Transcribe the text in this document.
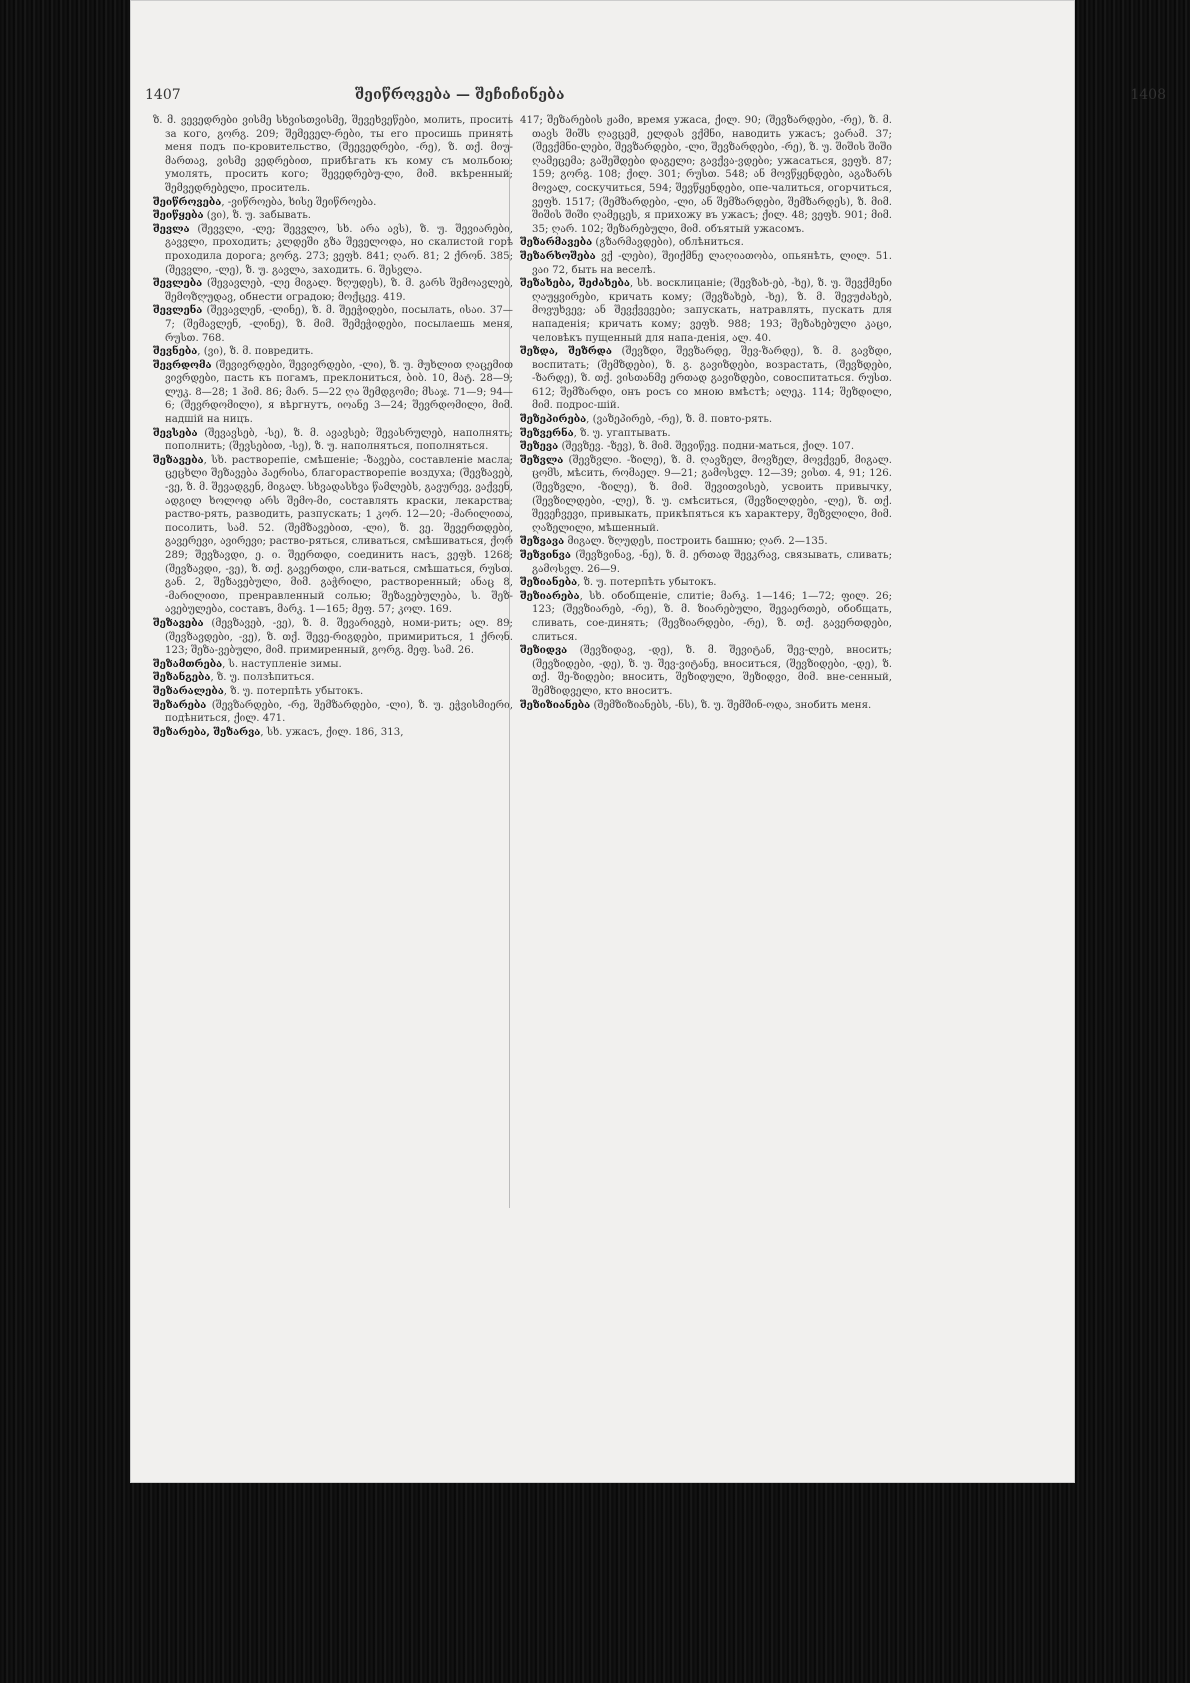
1407	შეიწროვება — შეჩიჩინება	1408
ზ. მ. ვევედრები ვისმე სხვისთვისმე, შევეხვეწები, молить, просить за кого, გორგ. 209; შემეველ-რები, ты его просишь принять меня подъ по-кровительство, (შეევედრები, -რე), ზ. თქ. მიუ-მართავ, ვისმე ვედრებით, прибѣгать къ кому съ мольбою; умолять, просить кого; შევედრებუ-ლი, მიმ. вкѣренный; შემვედრებელი, проситель.
შეიწროვება, -ვიწროება, ხისე შეიწროება.
შეიწყება (ვი), ზ. უ. забывать.
შევლა (შევვლი, -ლე; შევვლო, სხ. არა ავს), ზ. უ. შევიარები, გავვლი, проходить; კლდეში გზა შეველოდა, но скалистой горѣ проходила дорога; გორგ. 273; ვეფხ. 841; ღარ. 81; 2 ქრონ. 385; (შევვლი, -ლე), ზ. უ. გავლა, заходить. 6. შესვლა.
შევლება (შევავლებ, -ლე მიგალ. ზღუდეს), ზ. მ. გარს შემოავლებ, შემოზღუდავ, обнести оградою; მოქცევ. 419.
შევლენა (შევავლენ, -ლინე), ზ. მ. შეეჭიდები, посылать, ისაი. 37—7; (შემავლენ, -ლინე), ზ. მიმ. შემეჭიდები, посылаешь меня, რუსთ. 768.
შევნება, (ვი), ზ. მ. повредить.
შევრდომა (შევივრდები, შევივრდები, -ლი), ზ. უ. მუხლით ღაცემით ვივრდები, пасть къ погамъ, преклониться, ბიბ. 10, მატ. 28—9; ლუკ. 8—28; 1 ჰიმ. 86; მარ. 5—22 ღა შემდგომი; მსაჯ. 71—9; 94—6; (შევრდომილი), я вѣргнутъ, იოანე 3—24; შევრდომილი, მიმ. надшій на ницъ.
შევსება (შევავსებ, -სე), ზ. მ. ავავსებ; შევასრულებ, наполнять; пополнить; (შევსებით, -სე), ზ. უ. наполняться, пополняться.
შეზავება, სხ. растворепіе, смѣшеніе; -ზავება, составленіе масла; ცეცხლი შეზავება ჰაერისა, благорастворепіе воздуха; (შევზავებ, -ვე, ზ. მ. შევადგენ, მიგალ. სხვადასხვა წამლებს, გავურევ, ვაქვენ, ადგილ ხოლოდ არს შემო-მი, составлять краски, лекарства; раство-рять, разводить, разпускать; 1 კორ. 12—20; -მარილითა, посолить, სამ. 52. (შემზავებით, -ლი), ზ. ვე. შევერთდები, გავერევი, ავირევი; раство-ряться, сливаться, смѣшиваться, ქორ 289; შევზავდი, ე. ი. შეერთდი, соединить насъ, ვეფხ. 1268; (შევზავდი, -ვე), ზ. თქ. გავერთდი, сли-ваться, смѣшаться, რუსთ. გან. 2, შეზავებული, მიმ. გაჭრილი, растворенный; ანაც 8, -მარილითი, пренравленный солью; შეზავებულება, ს. შეზ-ავებულება, составъ, მარკ. 1—165; მეფ. 57; კოლ. 169.
შეზავება (მევზავებ, -ვე), ზ. მ. შევარიგებ, номи-рить; ალ. 89; (შევზავდები, -ვე), ზ. თქ. შევე-რიგდები, примириться, 1 ქრონ. 123; შეზა-ვებული, მიმ. примиренный, გორგ. მეფ. სამ. 26.
შეზამთრება, ს. наступленіе зимы.
შეზანგება, ზ. უ. ползѣпиться.
შეზარალება, ზ. უ. потерпѣть убытокъ.
შეზარება (შევზარდები, -რე, შემზარდები, -ლი), ზ. უ. ეჭვისმიერი, подѣниться, ქილ. 471.
შეზარება, შეზარვა, სხ. ужасъ, ქილ. 186, 313,
417; შეზარების ჟამი, время ужаса, ქილ. 90; (შევზარდები, -რე), ზ. მ. თავს შიშს ღავცემ, ელდას ვქმნი, наводить ужасъ; ვარამ. 37; (შევქმნი-ლები, შევზარდები, -ლი, შევზარდები, -რე), ზ. უ. შიშის შიში ღამეცემა; გაშეშდები დაგელი; გავქვა-ვდები; ужасаться, ვეფხ. 87; 159; გორგ. 108; ქილ. 301; რუსთ. 548; ან მოვწყენდები, აგაზარს მოვალ, соскучиться, 594; შევწყენდები, опе-чалиться, огорчиться, ვეფხ. 1517; (შემზარდები, -ლი, ან შემზარდები, შემზარდეს), ზ. მიმ. შიშის შიში ღამეცეს, я прихожу въ ужасъ; ქილ. 48; ვეფხ. 901; მიმ. 35; ღარ. 102; შეზარებული, მიმ. объятый ужасомъ.
შეზარმავება (გზარმავდები), облѣниться.
შეზარხოშება ვქ -ლები), შეიქმნე ლაღიათობა, опьянѣть, ლილ. 51. ვაი 72, быть на веселѣ.
შეზახება, შეძახება, სხ. восклицаніе; (შევზახ-ებ, -ხე), ზ. უ. შევქმენი ღაუყვირები, кричать кому; (შევზახებ, -ხე), ზ. მ. შევუძახებ, მოვუხვევ; ან შევქვევები; запускать, натравлять, пускать для нападенія; кричать кому; ვეფხ. 988; 193; შეზახებული კაცი, человѣкъ пущенный для напа-денія, ალ. 40.
შეზდა, შეზრდა (შევზდი, შევზარდე, შევ-ზარდე), ზ. მ. გავზდი, воспитать; (შემზდები), ზ. გ. გავიზდები, возрастать, (შევზდები, -ზარდე), ზ. თქ. ვისთანმე ერთად გავიზდები, совоспитаться. რუსთ. 612; შემზარდი, онъ росъ со мною вмѣстѣ; ალეკ. 114; შეზდილი, მიმ. подрос-шій.
შეზეპირება, (ვაზეპირებ, -რე), ზ. მ. повто-рять.
შეზვერნა, ზ. უ. угаптывать.
შეზევა (შევზევ. -ზევ), ზ. მიმ. შევიწევ. подни-маться, ქილ. 107.
შეზვლა (შევზვლი. -ზილე), ზ. მ. ღავზელ, მოვზელ, მოვქვენ, მიგალ. ცომს, мѣсить, რომაელ. 9—21; გამოსვლ. 12—39; ვისთ. 4, 91; 126. (შევზვლი, -ზილე), ზ. მიმ. შევითვისებ, усвоить привычку, (შევზილდები, -ლე), ზ. უ. смѣситься, (შევზილდები, -ლე), ზ. თქ. შევეჩვევი, привыкать, прикѣпяться къ характеру, შეზვლილი, მიმ. ღაზელილი, мѣшенный.
შეზვავა მიგალ. ზღუდეს, построить башню; ღარ. 2—135.
შეზვინვა (შევზვინავ, -ნე), ზ. მ. ერთად შევკრავ, связывать, сливать; გამოსვლ. 26—9.
შეზიანება, ზ. უ. потерпѣть убытокъ.
შეზიარება, სხ. обобщеніе, слитіе; მარკ. 1—146; 1—72; ფილ. 26; 123; (შევზიარებ, -რე), ზ. მ. ზიარებული, შევაერთებ, обобщать, сливать, сое-динять; (შევზიარდები, -რე), ზ. თქ. გავერთდები, слиться.
შეზიდვა (შევზიდავ, -დე), ზ. მ. შევიტან, შევ-ლებ, вносить; (შევზიდები, -დე), ზ. უ. შევ-ვიტანე, вноситься, (შევზიდები, -დე), ზ. თქ. შე-ზიდები; вносить, შეზიდული, შეზიდვი, მიმ. вне-сенный, შემზიდველი, кто вноситъ.
შეზიზიანება (შემზიზიანებს, -ნს), ზ. უ. შემშინ-ოდა, знобить меня.
